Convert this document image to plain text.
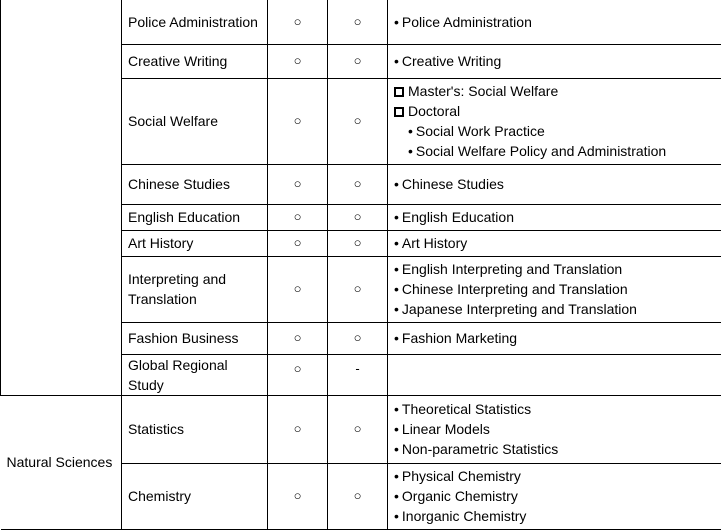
	Police Administration	○	○	• Police Administration

	Creative Writing	○	○	• Creative Writing

	Social Welfare	○	○	Master's: Social Welfare
Doctoral
• Social Work Practice
• Social Welfare Policy and Administration

	Chinese Studies	○	○	• Chinese Studies

	English Education	○	○	• English Education

	Art History	○	○	• Art History

	Interpreting and
Translation	○	○	• English Interpreting and Translation
• Chinese Interpreting and Translation
• Japanese Interpreting and Translation

	Fashion Business	○	○	• Fashion Marketing

	Global Regional Study	○	-	
Natural Sciences	Statistics	○	○	• Theoretical Statistics
• Linear Models
• Non-parametric Statistics

	Chemistry	○	○	• Physical Chemistry
• Organic Chemistry
• Inorganic Chemistry
